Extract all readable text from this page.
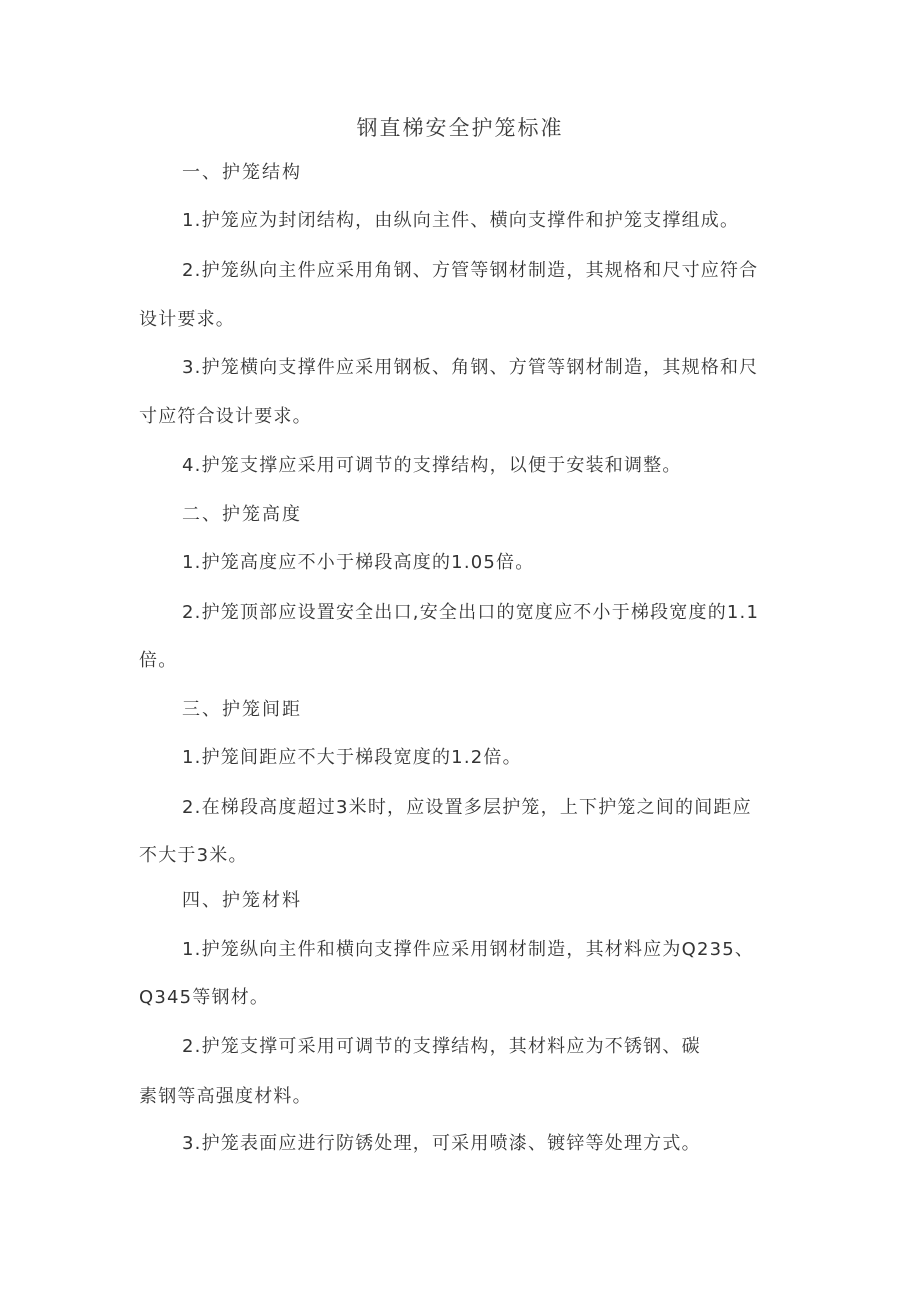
钢直梯安全护笼标准
一、护笼结构
1.护笼应为封闭结构，由纵向主件、横向支撑件和护笼支撑组成。
2.护笼纵向主件应采用角钢、方管等钢材制造，其规格和尺寸应符合
设计要求。
3.护笼横向支撑件应采用钢板、角钢、方管等钢材制造，其规格和尺
寸应符合设计要求。
4.护笼支撑应采用可调节的支撑结构，以便于安装和调整。
二、护笼高度
1.护笼高度应不小于梯段高度的1.05倍。
2.护笼顶部应设置安全出口,安全出口的宽度应不小于梯段宽度的1.1
倍。
三、护笼间距
1.护笼间距应不大于梯段宽度的1.2倍。
2.在梯段高度超过3米时，应设置多层护笼，上下护笼之间的间距应
不大于3米。
四、护笼材料
1.护笼纵向主件和横向支撑件应采用钢材制造，其材料应为Q235、
Q345等钢材。
2.护笼支撑可采用可调节的支撑结构，其材料应为不锈钢、碳
素钢等高强度材料。
3.护笼表面应进行防锈处理，可采用喷漆、镀锌等处理方式。
